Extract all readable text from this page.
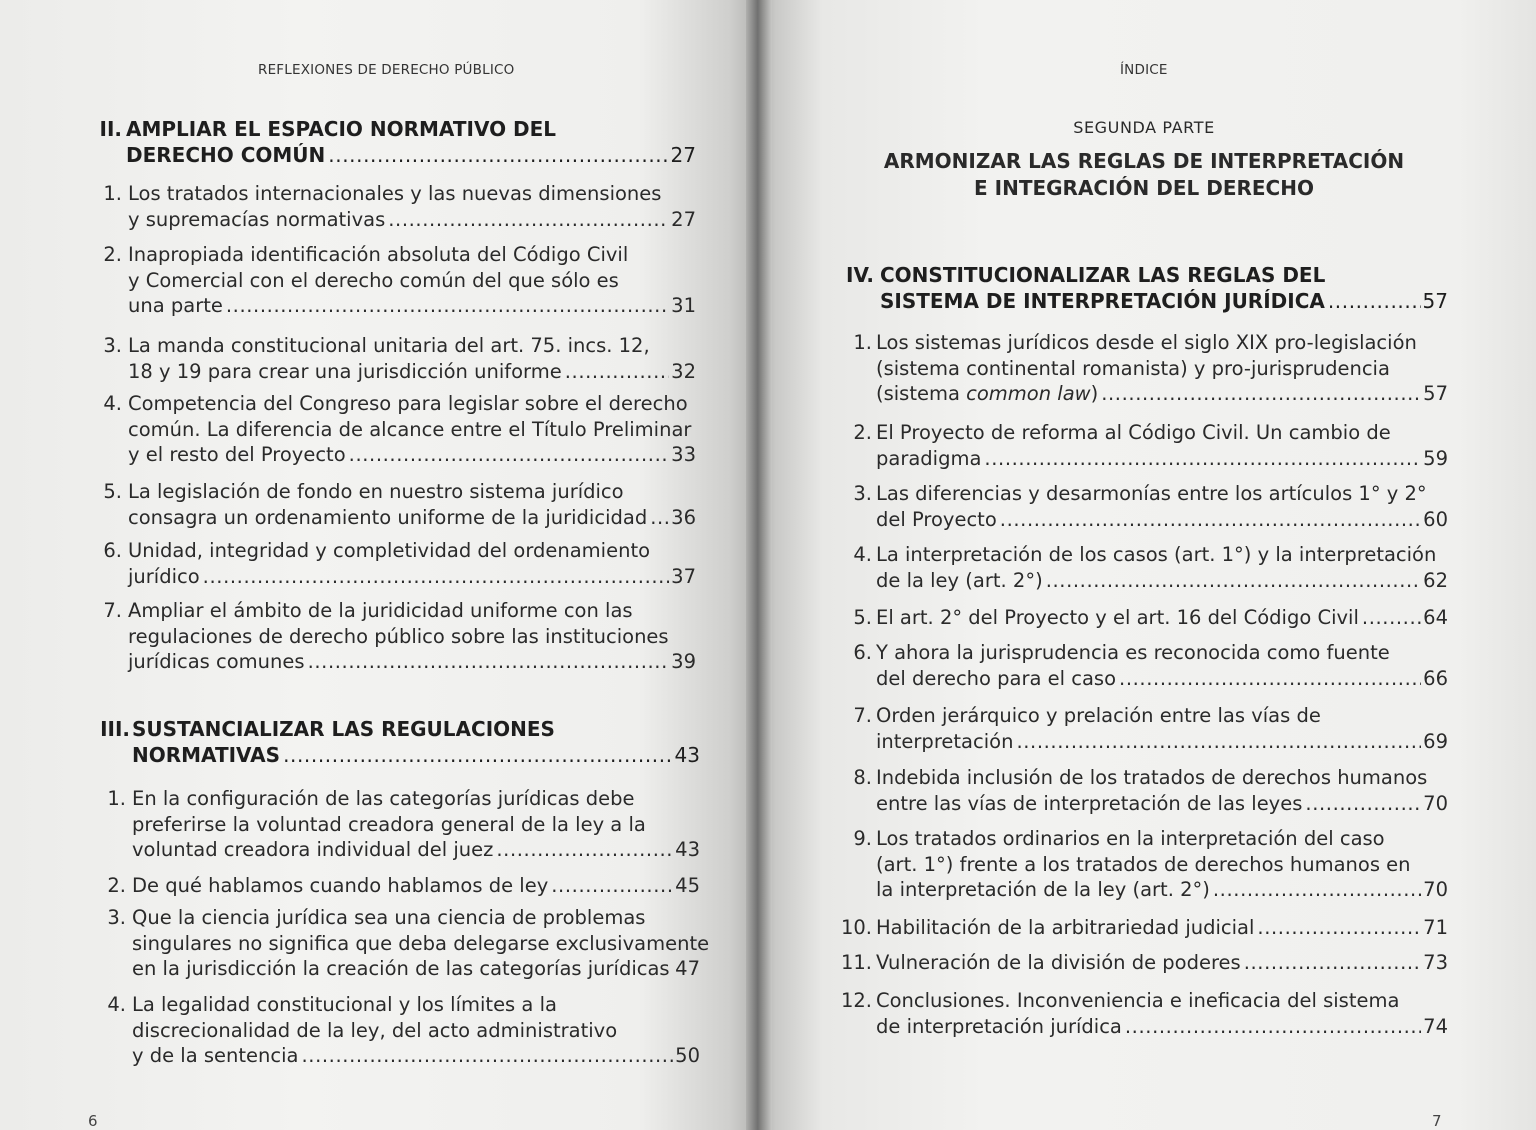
REFLEXIONES DE DERECHO PÚBLICO
II. AMPLIAR EL ESPACIO NORMATIVO DEL
DERECHO COMÚN .....	27
1. Los tratados internacionales y las nuevas dimensiones
y supremacías normativas .....	27
2. Inapropiada identificación absoluta del Código Civil
y Comercial con el derecho común del que sólo es
una parte .....	31
3. La manda constitucional unitaria del art. 75. incs. 12,
18 y 19 para crear una jurisdicción uniforme .....	32
4. Competencia del Congreso para legislar sobre el derecho
común. La diferencia de alcance entre el Título Preliminar
y el resto del Proyecto .....	33
5. La legislación de fondo en nuestro sistema jurídico
consagra un ordenamiento uniforme de la juridicidad ..... 36
6. Unidad, integridad y completividad del ordenamiento
jurídico .....	37
7. Ampliar el ámbito de la juridicidad uniforme con las
regulaciones de derecho público sobre las instituciones
jurídicas comunes .....	39
III. SUSTANCIALIZAR LAS REGULACIONES
NORMATIVAS .....	43
1. En la configuración de las categorías jurídicas debe
preferirse la voluntad creadora general de la ley a la
voluntad creadora individual del juez .....	43
2. De qué hablamos cuando hablamos de ley .....	45
3. Que la ciencia jurídica sea una ciencia de problemas
singulares no significa que deba delegarse exclusivamente
en la jurisdicción la creación de las categorías jurídicas ..... 47
4. La legalidad constitucional y los límites a la
discrecionalidad de la ley, del acto administrativo
y de la sentencia .....	50
6
ÍNDICE
SEGUNDA PARTE
ARMONIZAR LAS REGLAS DE INTERPRETACIÓN
E INTEGRACIÓN DEL DERECHO
IV. CONSTITUCIONALIZAR LAS REGLAS DEL
SISTEMA DE INTERPRETACIÓN JURÍDICA .....	57
1. Los sistemas jurídicos desde el siglo XIX pro-legislación
(sistema continental romanista) y pro-jurisprudencia
(sistema common law) .....	57
2. El Proyecto de reforma al Código Civil. Un cambio de
paradigma .....	59
3. Las diferencias y desarmonías entre los artículos 1° y 2°
del Proyecto .....	60
4. La interpretación de los casos (art. 1°) y la interpretación
de la ley (art. 2°) .....	62
5. El art. 2° del Proyecto y el art. 16 del Código Civil .....	64
6. Y ahora la jurisprudencia es reconocida como fuente
del derecho para el caso .....	66
7. Orden jerárquico y prelación entre las vías de
interpretación .....	69
8. Indebida inclusión de los tratados de derechos humanos
entre las vías de interpretación de las leyes .....	70
9. Los tratados ordinarios en la interpretación del caso
(art. 1°) frente a los tratados de derechos humanos en
la interpretación de la ley (art. 2°) .....	70
10. Habilitación de la arbitrariedad judicial .....	71
11. Vulneración de la división de poderes .....	73
12. Conclusiones. Inconveniencia e ineficacia del sistema
de interpretación jurídica .....	74
7
